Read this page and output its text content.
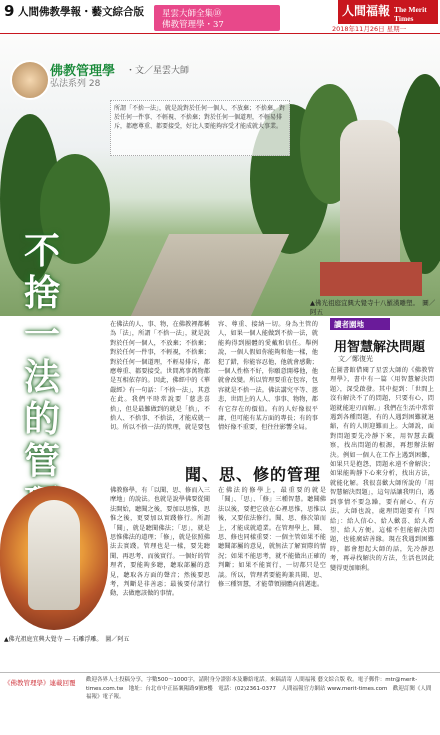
9 人間佛教學報・藝文綜合版 星雲大師全集⑩
佛教管理學・37
人間福報 The Merit Times
2018年11月26日 星期一
佛教管理學 ・文／星雲大師
弘法系列 28
所謂「不捨一法」，就是說對於任何一個人、不放棄；不捨棄，對於任何一件事、不輕視、不捨棄；對於任何一個道理，不輕易排斥，都應尊重、都要接受，好比人要能夠容受才能成就大事業。
不捨一法的管
▲佛光祖庭宜興大覺寺十八羅漢雕塑。　圖／阿五
在佛法的人、事、物，在佛教裡都稱為「法」，所謂「不捨一法」，就是說對於任何一個人，不放棄；不捨棄；對於任何一件事，不輕視，不捨棄；對於任何一個道理，不輕易排斥，都應尊重、都要接受。世間萬事萬物都是互相依存的。因此，佛經中的《華嚴經》有一句話：「不捨一法」，其意在此。我們平時常說要「慈悲喜捨」，但是最難做到的就是「捨」，不捨人、不捨事、不捨法，才能成就一切。所以不捨一法的管理，就是要包容、尊重、接納一切。身為主管的人，如果一個人能做到不捨一法，就能夠得到團體的愛戴和信任。舉例說，一個人假如你能夠和他一樣，他犯了錯，你能容忍他，他就會感動；一個人性格不好，你願意開導他，他就會改變。所以管理要重在包容，包容就是不捨一法。佛法講究平等、慈悲，世間上的人人、事事、物物，都有它存在的價值。有的人好像很平庸，但可能有某方面的專長；有的事情好像不重要，但往往影響全局。
讀者園地
用智慧解決問題
文／鄭復光
在圖書館借閱了星雲大師的《佛教管理學》，書中有一篇〈用智慧解決問題〉，深受啟發。其中提到：「世間上沒有解決不了的問題，只要有心，問題就能迎刃而解。」我們在生活中常常遇到各種問題，有的人遇到困難就退縮，有的人則迎難而上。大師說，面對問題要先冷靜下來，用智慧去觀察，找出問題的根源，再想辦法解決。例如一個人在工作上遇到困難，如果只是抱怨，問題永遠不會解決；如果能夠靜下心來分析，找出方法，就能化解。我很喜歡大師所說的「用智慧解決問題」，這句話讓我明白，遇到事情不要急躁，要有耐心、有方法。大師也說，處理問題要有「四給」：給人信心、給人歡喜、給人希望、給人方便。這樣不但能解決問題，也能廣結善緣。現在我遇到困難時，都會想起大師的話，先冷靜思考，再尋找解決的方法，生活也因此變得更加順利。
聞、思、修的管理
▲佛光祖庭宜興大覺寺 — 石雕浮雕。　圖／阿五
佛教修學，有「以聞、思、修而入三摩地」的說法。也就是說學佛要從聞法開始，聽聞之後，要加以思惟，思惟之後，更要加以實踐修行。所謂「聞」，就是聽聞佛法；「思」，就是思惟佛法的道理；「修」，就是依照佛法去實踐。管理也是一樣，要先聽聞、再思考、而後實行。一個好的管理者，要能夠多聽，聽取部屬的意見，聽取各方面的聲音；然後要思考，判斷是非善惡；最後要付諸行動，去做應該做的事情。
在佛法的修學上，最重要的就是「聞」、「思」、「修」三種智慧。聽聞佛法以後，要把它放在心裡思惟，思惟以後，又要依法修行。聞、思、修次第而上，才能成就道業。在管理學上，聞、思、修也同樣重要：一個主管如果不能聽聞部屬的意見，就無法了解實際的情況；如果不能思考，就不能做出正確的判斷；如果不能實行，一切都只是空談。所以，管理者要能夠兼具聞、思、修三種智慧，才能帶領團體向前邁進。
《佛教管理學》連載回覆 歡迎各界人士投稿分享，字數500～1000字，請附身分證影本及聯絡電話。來稿請寄 人間福報 藝文綜合版 收。電子郵件：mtr@merit-times.com.tw　地址：台北市中正區襄陽路9號8樓　電話：(02)2361-0377　人間福報官方網站 www.merit-times.com　歡迎訂閱《人間福報》電子報。
